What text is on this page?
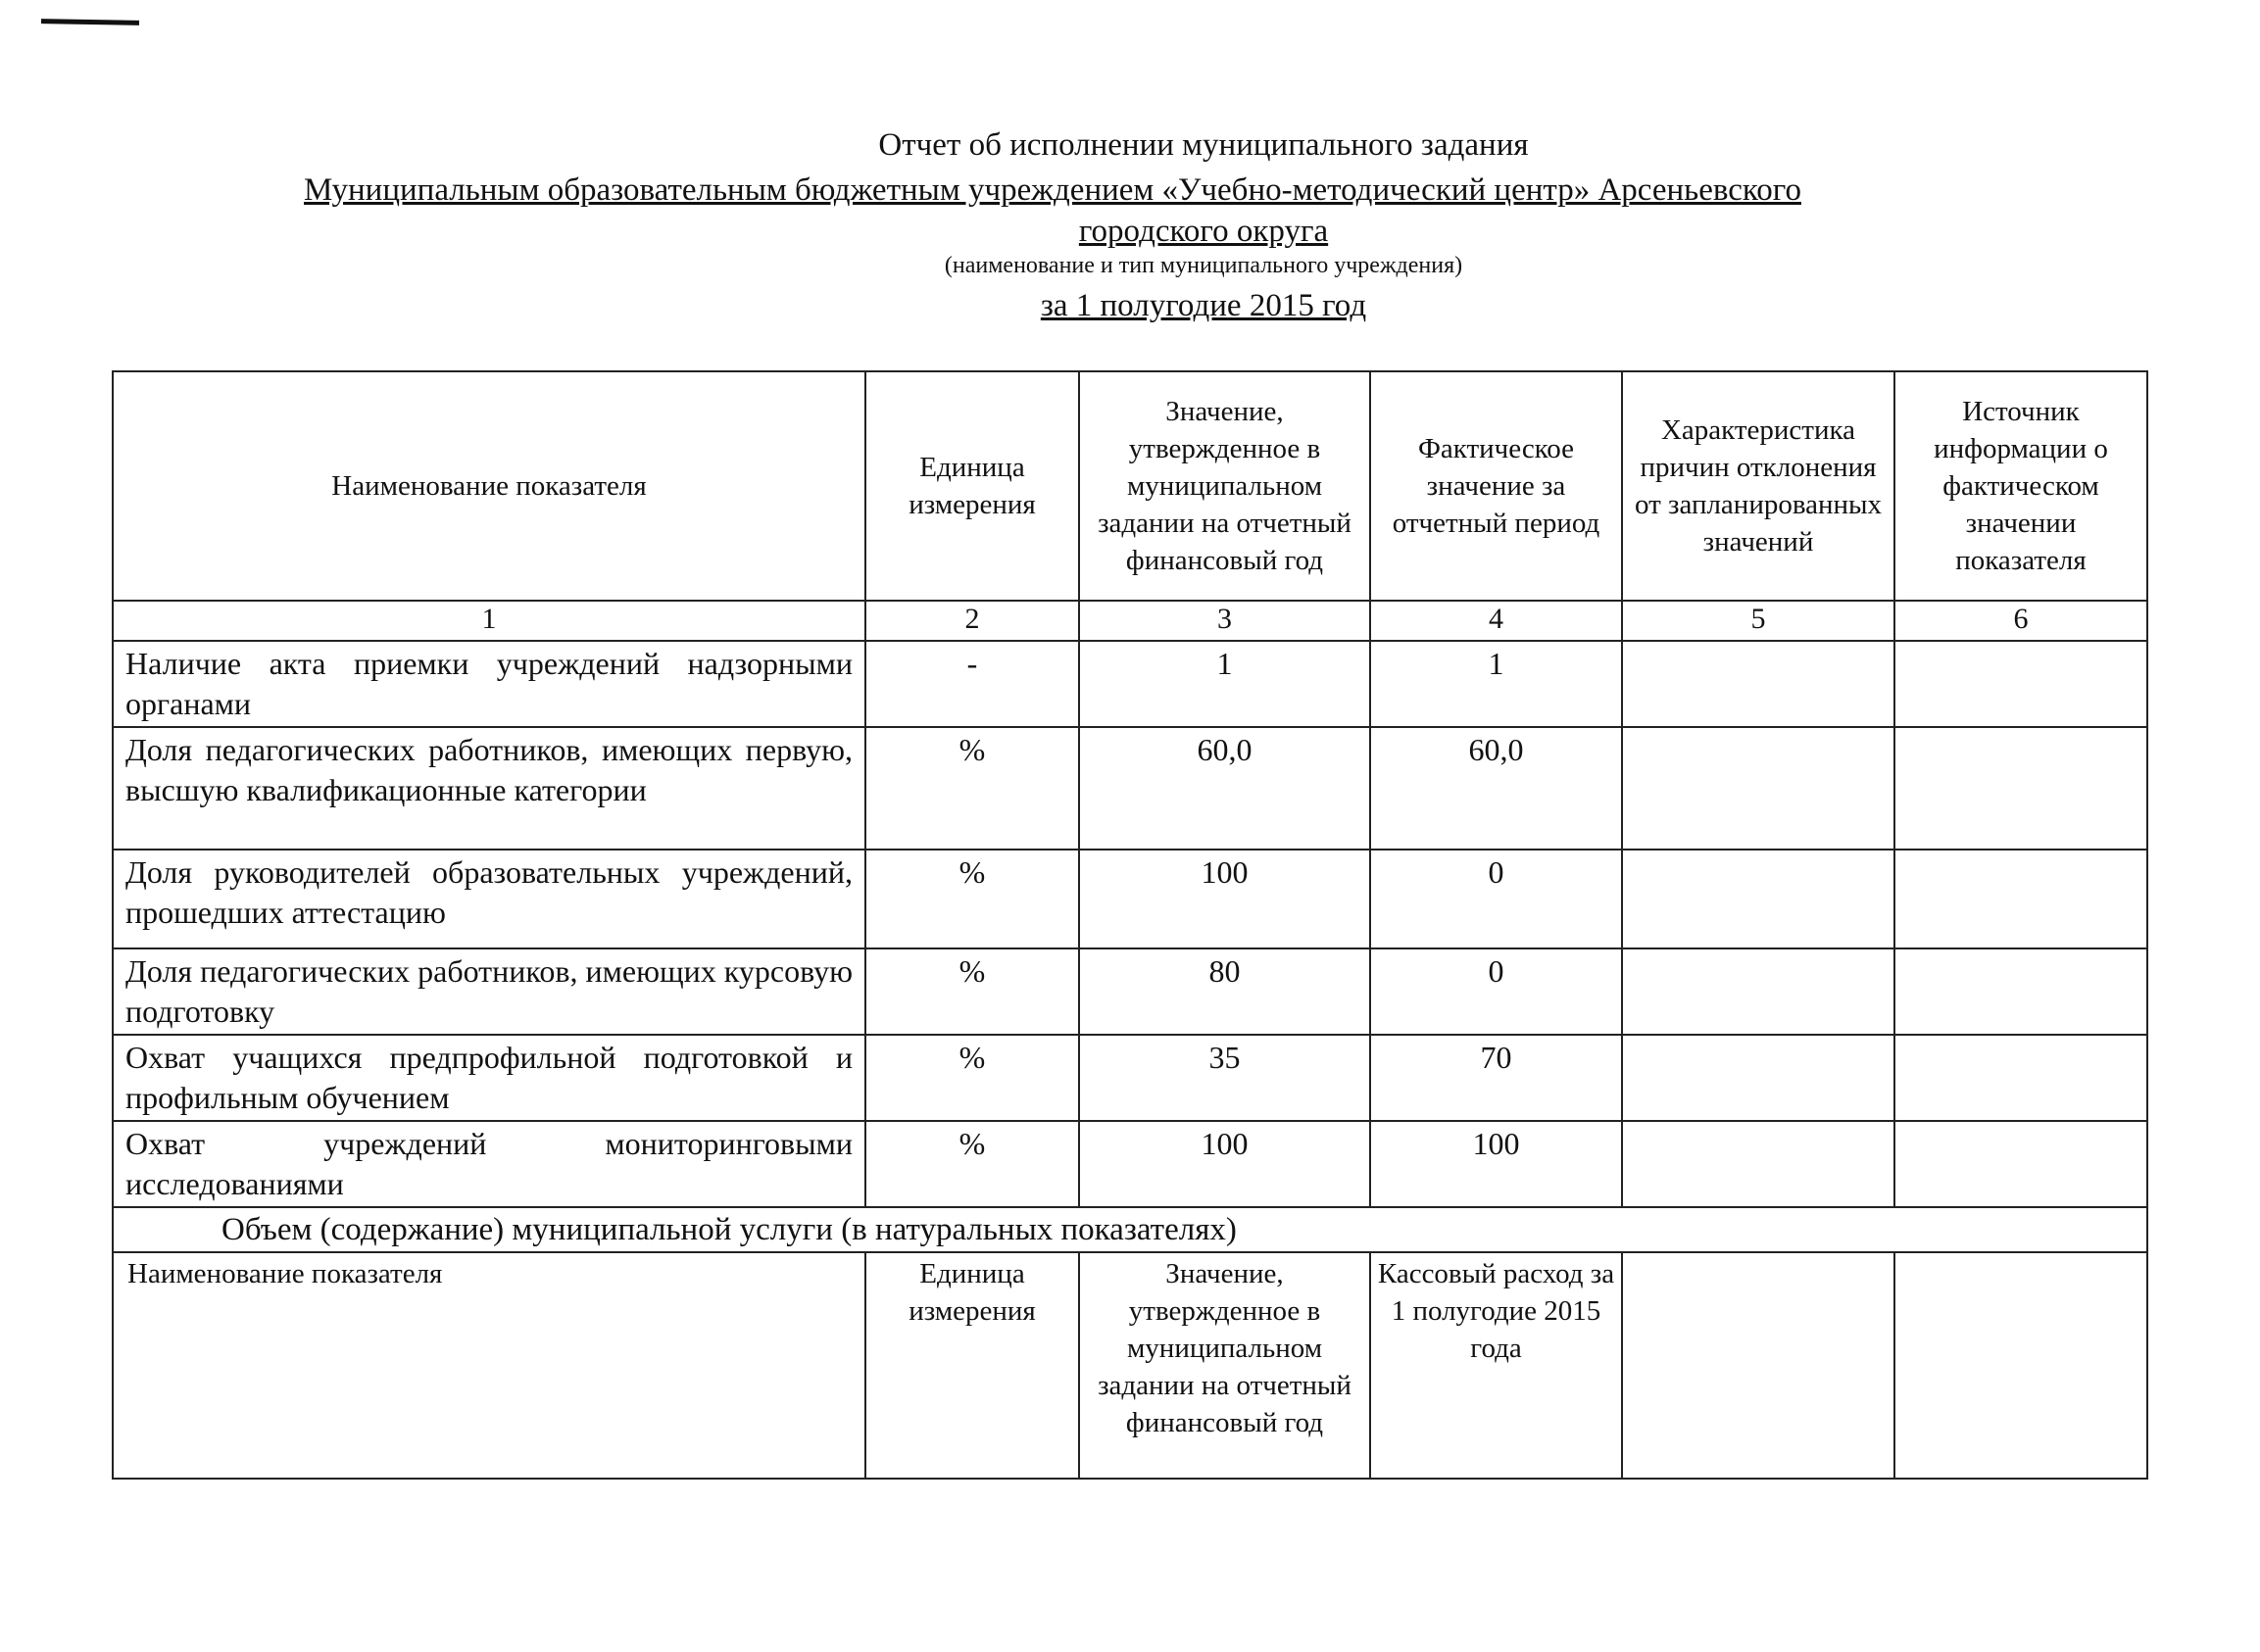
Отчет об исполнении муниципального задания
Муниципальным образовательным бюджетным учреждением «Учебно-методический центр» Арсеньевского
городского округа
(наименование и тип муниципального учреждения)
за 1 полугодие 2015 год
Наименование показателя	Единица измерения	Значение, утвержденное в муниципальном задании на отчетный финансовый год	Фактическое значение за отчетный период	Характеристика причин отклонения от запланированных значений	Источник информации о фактическом значении показателя
1	2	3	4	5	6
Наличие акта приемки учреждений надзорными органами	-	1	1		
Доля педагогических работников, имеющих первую, высшую квалификационные категории	%	60,0	60,0		
Доля руководителей образовательных учреждений, прошедших аттестацию	%	100	0		
Доля педагогических работников, имеющих курсовую подготовку	%	80	0		
Охват учащихся предпрофильной подготовкой и профильным обучением	%	35	70		
Охват учреждений мониторинговыми исследованиями	%	100	100		
Объем (содержание) муниципальной услуги (в натуральных показателях)					
Наименование показателя	Единица измерения	Значение, утвержденное в муниципальном задании на отчетный финансовый год	Кассовый расход за 1 полугодие 2015 года		
